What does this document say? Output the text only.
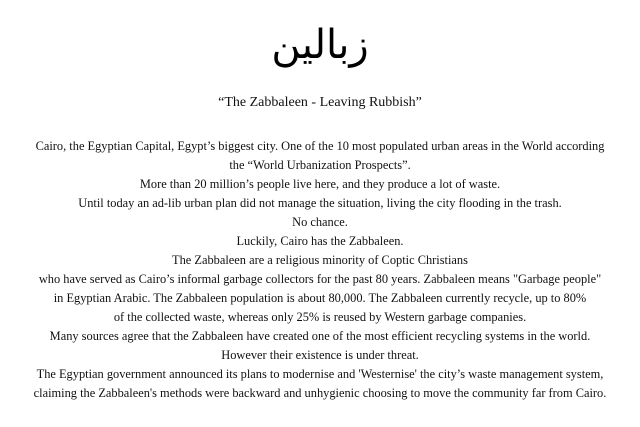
زبالين
“The Zabbaleen - Leaving Rubbish”
Cairo, the Egyptian Capital, Egypt’s biggest city. One of the 10 most populated urban areas in the World according
the “World Urbanization Prospects”.
More than 20 million’s people live here, and they produce a lot of waste.
Until today an ad-lib urban plan did not manage the situation, living the city flooding in the trash.
No chance.
Luckily, Cairo has the Zabbaleen.
The Zabbaleen are a religious minority of Coptic Christians
who have served as Cairo’s informal garbage collectors for the past 80 years. Zabbaleen means "Garbage people"
in Egyptian Arabic. The Zabbaleen population is about 80,000. The Zabbaleen currently recycle, up to 80%
of the collected waste, whereas only 25% is reused by Western garbage companies.
Many sources agree that the Zabbaleen have created one of the most efficient recycling systems in the world.
However their existence is under threat.
The Egyptian government announced its plans to modernise and 'Westernise' the city’s waste management system,
claiming the Zabbaleen's methods were backward and unhygienic choosing to move the community far from Cairo.
